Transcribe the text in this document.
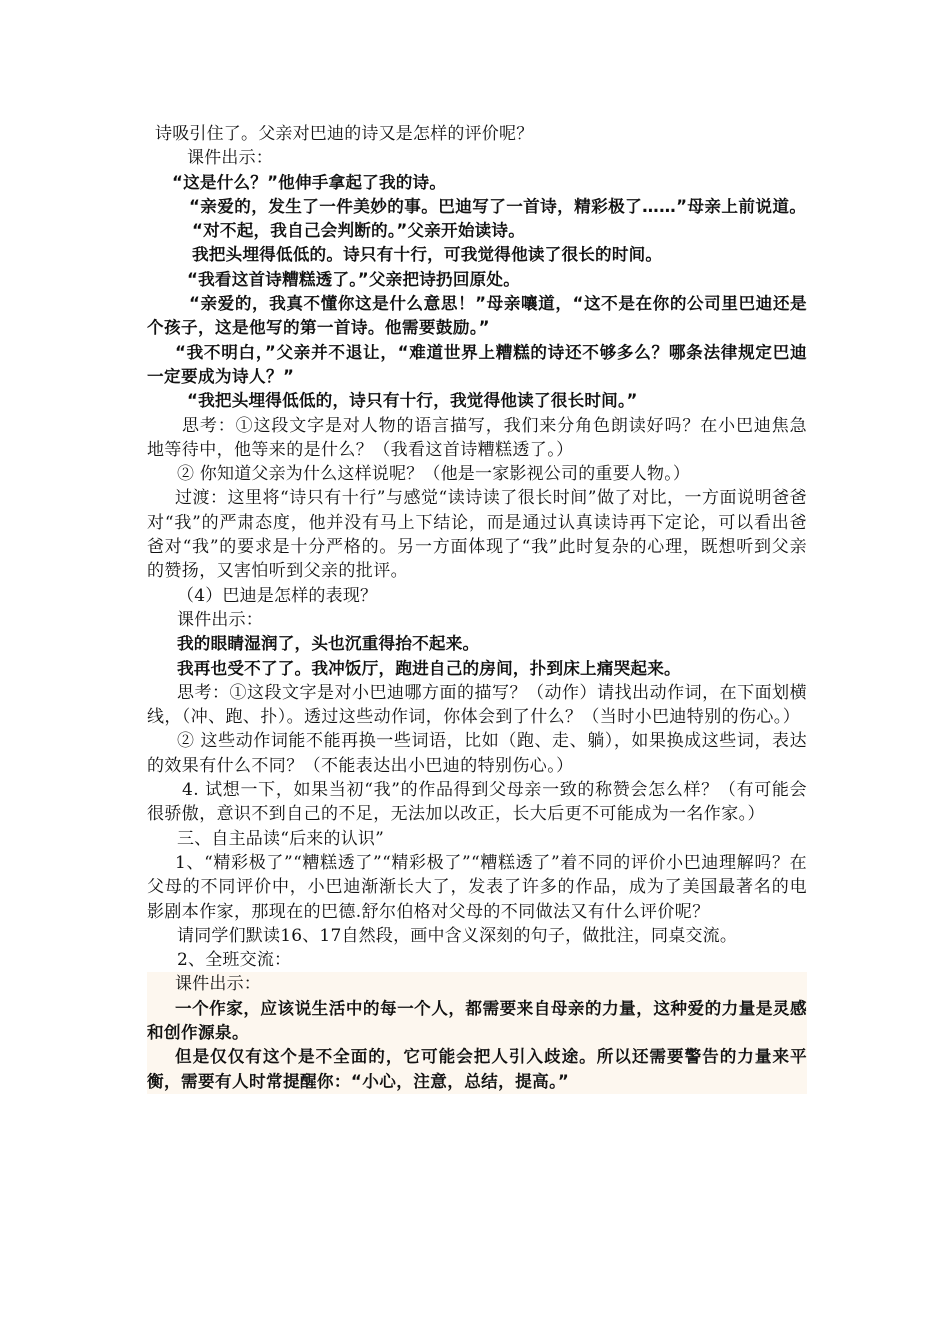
诗吸引住了。父亲对巴迪的诗又是怎样的评价呢？
课件出示：
“这是什么？”他伸手拿起了我的诗。
“亲爱的，发生了一件美妙的事。巴迪写了一首诗，精彩极了……”母亲上前说道。
“对不起，我自己会判断的。”父亲开始读诗。
我把头埋得低低的。诗只有十行，可我觉得他读了很长的时间。
“我看这首诗糟糕透了。”父亲把诗扔回原处。
“亲爱的，我真不懂你这是什么意思！”母亲嚷道，“这不是在你的公司里巴迪还是个孩子，这是他写的第一首诗。他需要鼓励。”
“我不明白，”父亲并不退让，“难道世界上糟糕的诗还不够多么？哪条法律规定巴迪一定要成为诗人？”
“我把头埋得低低的，诗只有十行，我觉得他读了很长时间。”
思考：①这段文字是对人物的语言描写，我们来分角色朗读好吗？在小巴迪焦急地等待中，他等来的是什么？（我看这首诗糟糕透了。）
② 你知道父亲为什么这样说呢？（他是一家影视公司的重要人物。）
过渡：这里将“诗只有十行”与感觉“读诗读了很长时间”做了对比，一方面说明爸爸对“我”的严肃态度，他并没有马上下结论，而是通过认真读诗再下定论，可以看出爸爸对“我”的要求是十分严格的。另一方面体现了“我”此时复杂的心理，既想听到父亲的赞扬，又害怕听到父亲的批评。
（4）巴迪是怎样的表现？
课件出示：
我的眼睛湿润了，头也沉重得抬不起来。
我再也受不了了。我冲饭厅，跑进自己的房间，扑到床上痛哭起来。
思考：①这段文字是对小巴迪哪方面的描写？（动作）请找出动作词，在下面划横线，（冲、跑、扑）。透过这些动作词，你体会到了什么？（当时小巴迪特别的伤心。）
② 这些动作词能不能再换一些词语，比如（跑、走、躺），如果换成这些词，表达的效果有什么不同？（不能表达出小巴迪的特别伤心。）
4. 试想一下，如果当初“我”的作品得到父母亲一致的称赞会怎么样？（有可能会很骄傲，意识不到自己的不足，无法加以改正，长大后更不可能成为一名作家。）
三、自主品读“后来的认识”
1、“精彩极了”“糟糕透了”“精彩极了”“糟糕透了”着不同的评价小巴迪理解吗？在父母的不同评价中，小巴迪渐渐长大了，发表了许多的作品，成为了美国最著名的电影剧本作家，那现在的巴德.舒尔伯格对父母的不同做法又有什么评价呢？
请同学们默读16、17自然段，画中含义深刻的句子，做批注，同桌交流。
2、全班交流：
课件出示：
一个作家，应该说生活中的每一个人，都需要来自母亲的力量，这种爱的力量是灵感和创作源泉。
但是仅仅有这个是不全面的，它可能会把人引入歧途。所以还需要警告的力量来平衡，需要有人时常提醒你：“小心，注意，总结，提高。”
